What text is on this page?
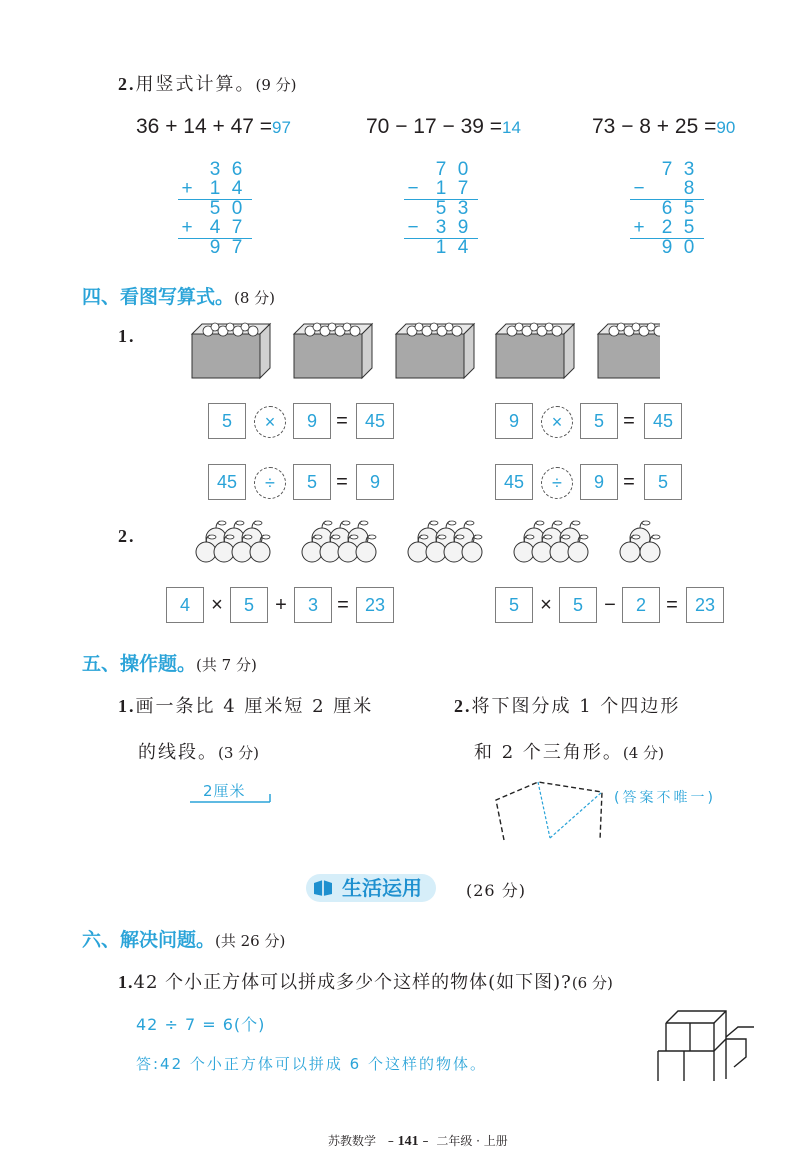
2.用竖式计算。(9 分)
36 + 14 + 47 =97	70 − 17 − 39 =14	73 − 8 + 25 =90
3 6
+ 1 4
5 0
+ 4 7
9 7
7 0
− 1 7
5 3
− 3 9
1 4
7 3
− 8
6 5
+ 2 5
9 0
四、看图写算式。(8 分)
1.
5	×	9 = 45	9	×	5 =	45
45	÷	5 =	9	45	÷	9 =	5
2.
4	×	5	+	3 = 23	5	×	5	−	2	= 23
五、操作题。(共 7 分)
1.画一条比 4 厘米短 2 厘米
的线段。(3 分)
2厘米
2.将下图分成 1 个四边形
和 2 个三角形。(4 分)
(答案不唯一)
生活运用	(26 分)
六、解决问题。(共 26 分)
1.42 个小正方体可以拼成多少个这样的物体(如下图)?(6 分)
42 ÷ 7 = 6(个)
答:42 个小正方体可以拼成 6 个这样的物体。
苏教数学 – 141 – 二年级 · 上册
